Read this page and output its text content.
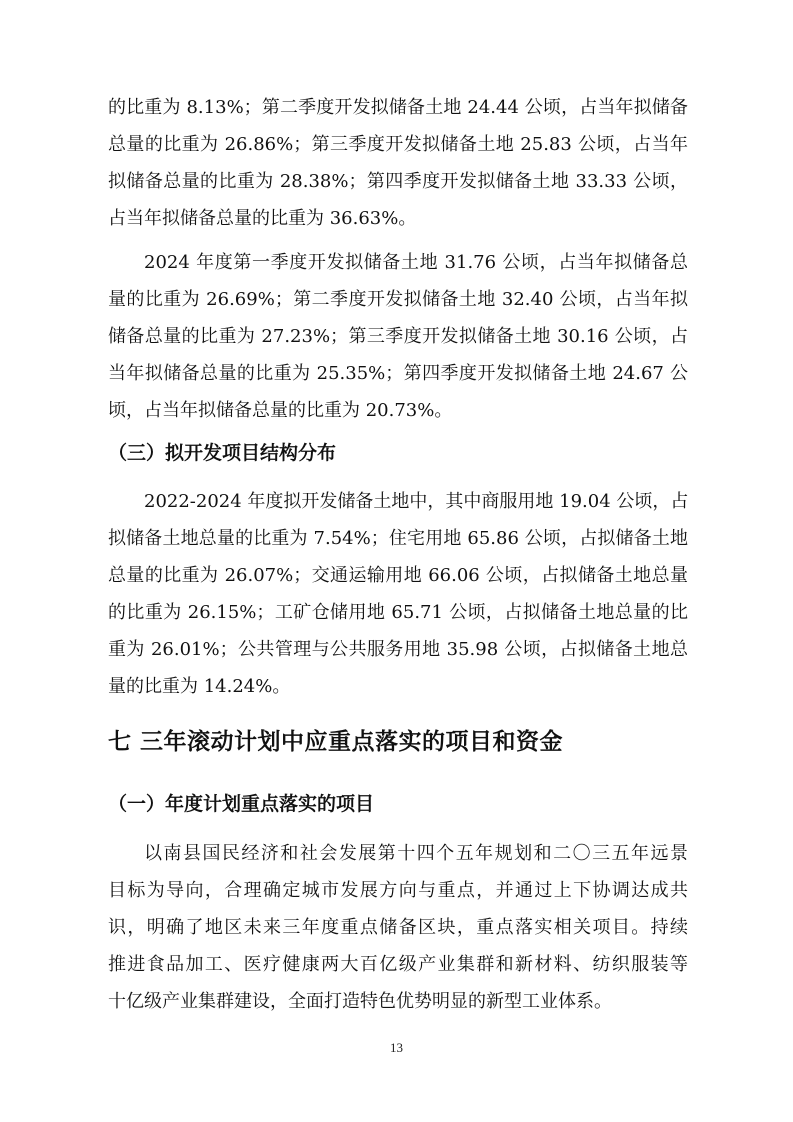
的比重为 8.13%；第二季度开发拟储备土地 24.44 公顷，占当年拟储备
总量的比重为 26.86%；第三季度开发拟储备土地 25.83 公顷，占当年
拟储备总量的比重为 28.38%；第四季度开发拟储备土地 33.33 公顷，
占当年拟储备总量的比重为 36.63%。
2024 年度第一季度开发拟储备土地 31.76 公顷，占当年拟储备总
量的比重为 26.69%；第二季度开发拟储备土地 32.40 公顷，占当年拟
储备总量的比重为 27.23%；第三季度开发拟储备土地 30.16 公顷，占
当年拟储备总量的比重为 25.35%；第四季度开发拟储备土地 24.67 公
顷，占当年拟储备总量的比重为 20.73%。
（三）拟开发项目结构分布
2022-2024 年度拟开发储备土地中，其中商服用地 19.04 公顷，占
拟储备土地总量的比重为 7.54%；住宅用地 65.86 公顷，占拟储备土地
总量的比重为 26.07%；交通运输用地 66.06 公顷，占拟储备土地总量
的比重为 26.15%；工矿仓储用地 65.71 公顷，占拟储备土地总量的比
重为 26.01%；公共管理与公共服务用地 35.98 公顷，占拟储备土地总
量的比重为 14.24%。
七 三年滚动计划中应重点落实的项目和资金
（一）年度计划重点落实的项目
以南县国民经济和社会发展第十四个五年规划和二〇三五年远景
目标为导向，合理确定城市发展方向与重点，并通过上下协调达成共
识，明确了地区未来三年度重点储备区块，重点落实相关项目。持续
推进食品加工、医疗健康两大百亿级产业集群和新材料、纺织服装等
十亿级产业集群建设，全面打造特色优势明显的新型工业体系。
13
